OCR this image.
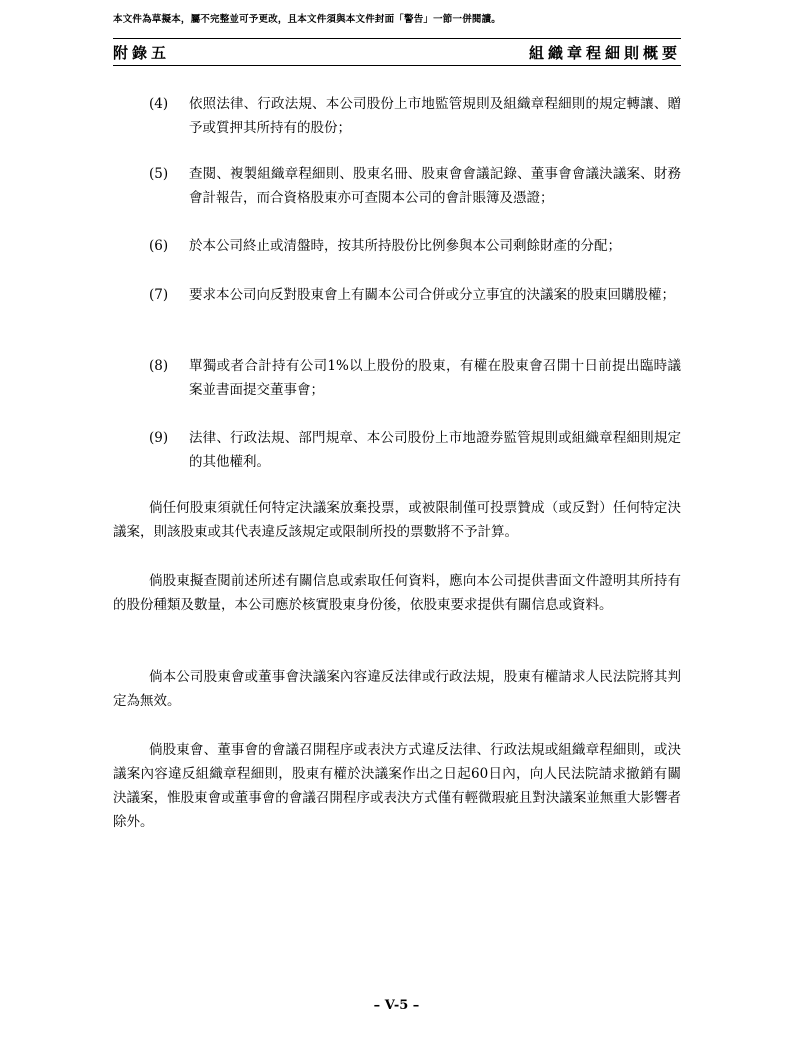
本文件為草擬本，屬不完整並可予更改，且本文件須與本文件封面「警告」一節一併閱讀。
附錄五	組織章程細則概要
(4) 依照法律、行政法規、本公司股份上市地監管規則及組織章程細則的規定轉讓、贈予或質押其所持有的股份；
(5) 查閱、複製組織章程細則、股東名冊、股東會會議記錄、董事會會議決議案、財務會計報告，而合資格股東亦可查閱本公司的會計賬簿及憑證；
(6) 於本公司終止或清盤時，按其所持股份比例參與本公司剩餘財產的分配；
(7) 要求本公司向反對股東會上有關本公司合併或分立事宜的決議案的股東回購股權；
(8) 單獨或者合計持有公司1%以上股份的股東，有權在股東會召開十日前提出臨時議案並書面提交董事會；
(9) 法律、行政法規、部門規章、本公司股份上市地證券監管規則或組織章程細則規定的其他權利。
倘任何股東須就任何特定決議案放棄投票，或被限制僅可投票贊成（或反對）任何特定決議案，則該股東或其代表違反該規定或限制所投的票數將不予計算。
倘股東擬查閱前述所述有關信息或索取任何資料，應向本公司提供書面文件證明其所持有的股份種類及數量，本公司應於核實股東身份後，依股東要求提供有關信息或資料。
倘本公司股東會或董事會決議案內容違反法律或行政法規，股東有權請求人民法院將其判定為無效。
倘股東會、董事會的會議召開程序或表決方式違反法律、行政法規或組織章程細則，或決議案內容違反組織章程細則，股東有權於決議案作出之日起60日內，向人民法院請求撤銷有關決議案，惟股東會或董事會的會議召開程序或表決方式僅有輕微瑕疵且對決議案並無重大影響者除外。
– V-5 –
